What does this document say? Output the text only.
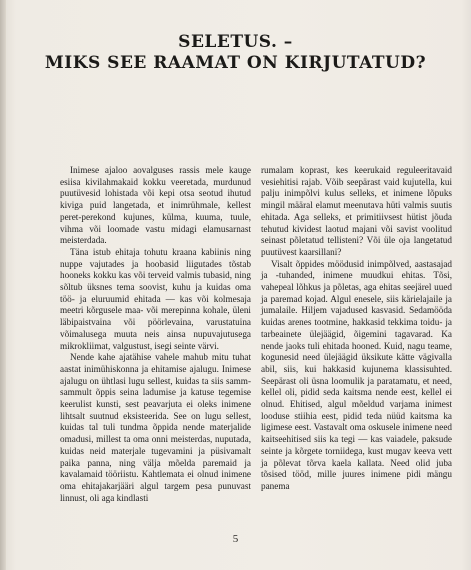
SELETUS. –
MIKS SEE RAAMAT ON KIRJUTATUD?

Inimese ajaloo aovalguses rassis mele kauge esiisa kivilahmakaid kokku veeretada, murdunud puutüvesid lohistada või kepi otsa seotud ihutud kiviga puid langetada, et inimrühmale, kellest peret-perekond kujunes, külma, kuuma, tuule, vihma või loomade vastu midagi elamusarnast meisterdada.

Täna istub ehitaja tohutu kraana kabiinis ning nuppe vajutades ja hoobasid liigutades tõstab hooneks kokku kas või terveid valmis tubasid, ning sõltub üksnes tema soovist, kuhu ja kuidas oma töö- ja eluruumid ehitada — kas või kolmesaja meetri kõrgusele maa- või merepinna kohale, üleni läbipaistvaina või pöörlevaina, varustatuina võimalusega muuta neis ainsa nupuvajutusega mikrokliimat, valgustust, isegi seinte värvi.

Nende kahe ajatähise vahele mahub mitu tuhat aastat inimühiskonna ja ehitamise ajalugu. Inimese ajalugu on ühtlasi lugu sellest, kuidas ta siis samm-sammult õppis seina ladumise ja katuse tegemise keerulist kunsti, sest peavarjuta ei oleks inimene lihtsalt suutnud eksisteerida. See on lugu sellest, kuidas tal tuli tundma õppida nende materjalide omadusi, millest ta oma onni meisterdas, nuputada, kuidas neid materjale tugevamini ja püsivamalt paika panna, ning välja mõelda paremaid ja kavalamaid tööriistu. Kahtlemata ei olnud inimene oma ehitajakarjääri algul targem pesa punuvast linnust, oli aga kindlasti

rumalam koprast, kes keerukaid reguleeritavaid vesiehitisi rajab. Võib seepärast vaid kujutella, kui palju inimpõlvi kulus selleks, et inimene lõpuks mingil määral elamut meenutava hüti valmis suutis ehitada. Aga selleks, et primitiivsest hütist jõuda tehutud kividest laotud majani või savist voolitud seinast põletatud tellisteni? Või üle oja langetatud puutüvest kaarsillani?

Visalt õppides möödusid inimpõlved, aastasajad ja -tuhanded, inimene muudkui ehitas. Tõsi, vahepeal lõhkus ja põletas, aga ehitas seejärel uued ja paremad kojad. Algul enesele, siis kärielajaile ja jumalaile. Hiljem vajadused kasvasid. Sedamööda kuidas arenes tootmine, hakkasid tekkima toidu- ja tarbeainete ülejäägid, õigemini tagavarad. Ka nende jaoks tuli ehitada hooned. Kuid, nagu teame, kogunesid need ülejäägid üksikute kätte vägivalla abil, siis, kui hakkasid kujunema klassisuhted. Seepärast oli üsna loomulik ja paratamatu, et need, kellel oli, pidid seda kaitsma nende eest, kellel ei olnud. Ehitised, algul mõeldud varjama inimest looduse stiihia eest, pidid teda nüüd kaitsma ka ligimese eest. Vastavalt oma oskusele inimene need kaitseehitised siis ka tegi — kas vaiadele, paksude seinte ja kõrgete torniidega, kust mugav keeva vett ja põlevat tõrva kaela kallata. Need olid juba tõsised tööd, mille juures inimene pidi mängu panema

5
